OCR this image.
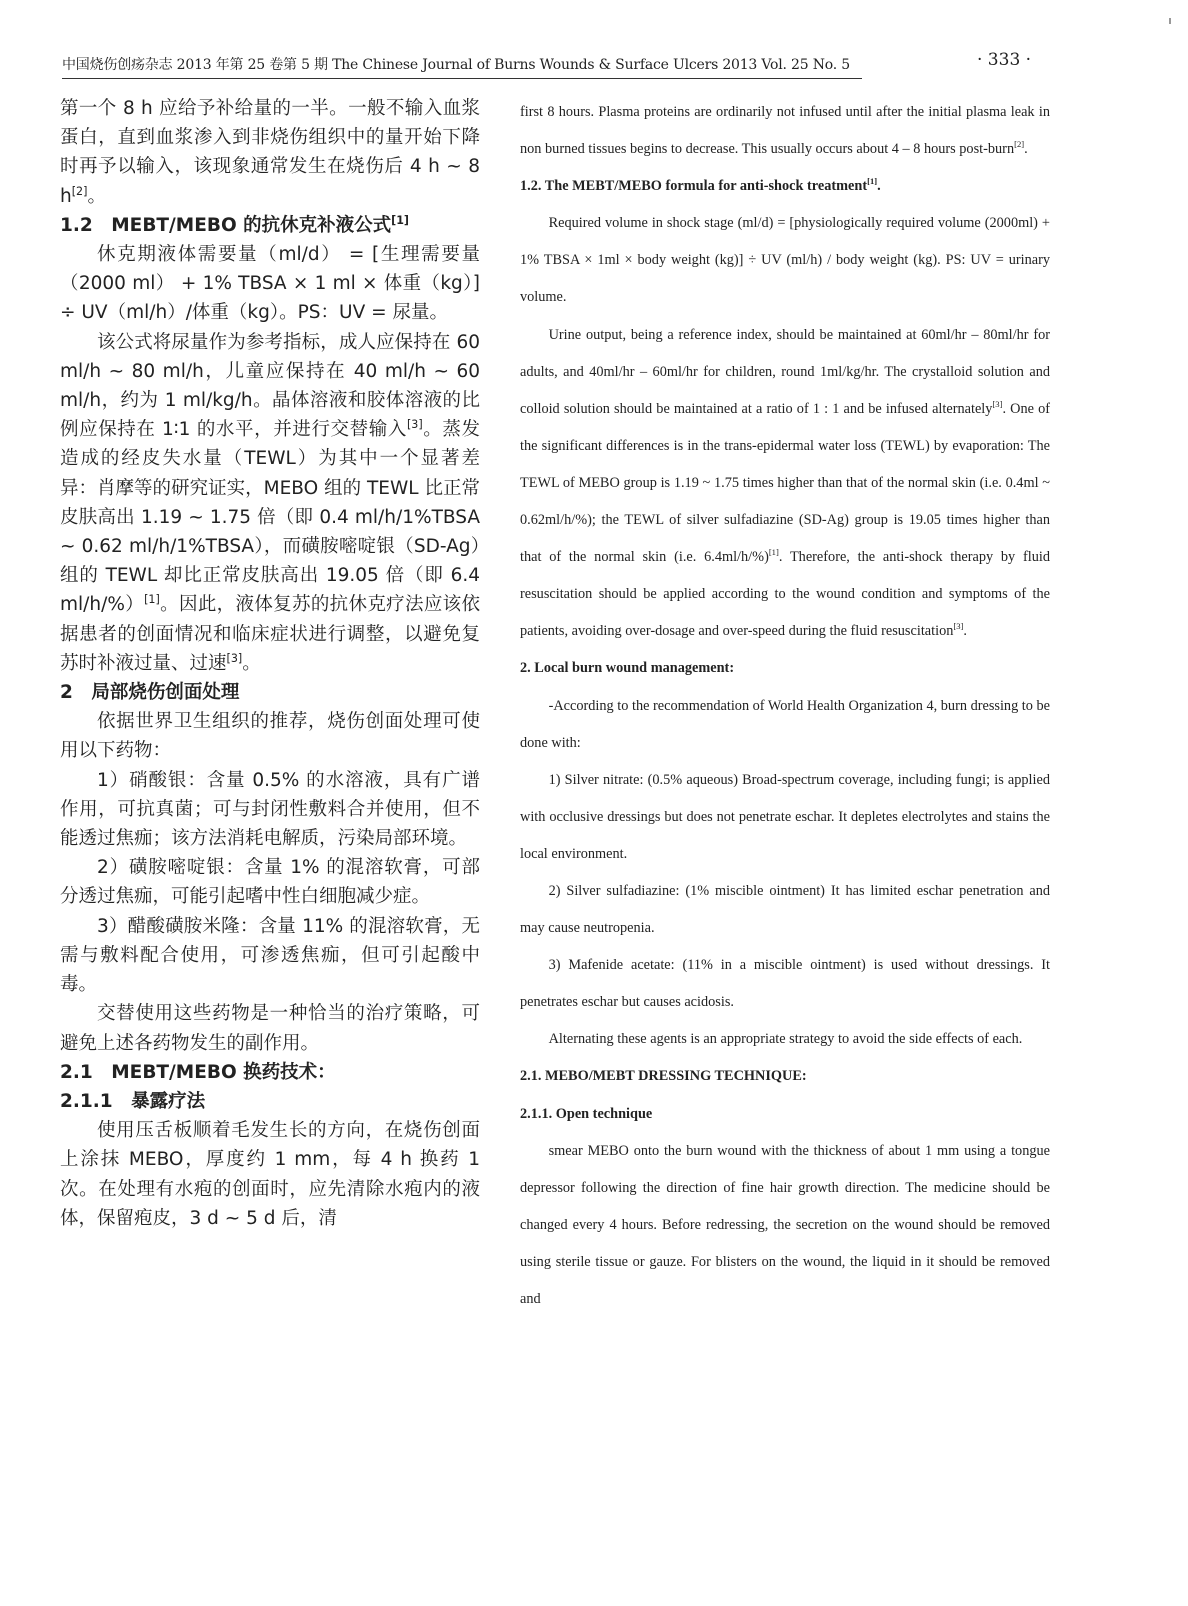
中国烧伤创疡杂志 2013 年第 25 卷第 5 期 The Chinese Journal of Burns Wounds & Surface Ulcers 2013 Vol. 25 No. 5	· 333 ·

第一个 8 h 应给予补给量的一半。一般不输入血浆蛋白，直到血浆渗入到非烧伤组织中的量开始下降时再予以输入，该现象通常发生在烧伤后 4 h ~ 8 h[2]。

1.2　MEBT/MEBO 的抗休克补液公式[1]

休克期液体需要量（ml/d） = [生理需要量（2000 ml） + 1% TBSA × 1 ml × 体重（kg）] ÷ UV（ml/h）/体重（kg）。PS：UV = 尿量。

该公式将尿量作为参考指标，成人应保持在 60 ml/h ~ 80 ml/h，儿童应保持在 40 ml/h ~ 60 ml/h，约为 1 ml/kg/h。晶体溶液和胶体溶液的比例应保持在 1∶1 的水平，并进行交替输入[3]。蒸发造成的经皮失水量（TEWL）为其中一个显著差异：肖摩等的研究证实，MEBO 组的 TEWL 比正常皮肤高出 1.19 ~ 1.75 倍（即 0.4 ml/h/1%TBSA ~ 0.62 ml/h/1%TBSA），而磺胺嘧啶银（SD-Ag）组的 TEWL 却比正常皮肤高出 19.05 倍（即 6.4 ml/h/%）[1]。因此，液体复苏的抗休克疗法应该依据患者的创面情况和临床症状进行调整，以避免复苏时补液过量、过速[3]。

2　局部烧伤创面处理

依据世界卫生组织的推荐，烧伤创面处理可使用以下药物：

1）硝酸银：含量 0.5% 的水溶液，具有广谱作用，可抗真菌；可与封闭性敷料合并使用，但不能透过焦痂；该方法消耗电解质，污染局部环境。

2）磺胺嘧啶银：含量 1% 的混溶软膏，可部分透过焦痂，可能引起嗜中性白细胞减少症。

3）醋酸磺胺米隆：含量 11% 的混溶软膏，无需与敷料配合使用，可渗透焦痂，但可引起酸中毒。

交替使用这些药物是一种恰当的治疗策略，可避免上述各药物发生的副作用。

2.1　MEBT/MEBO 换药技术：

2.1.1　暴露疗法

使用压舌板顺着毛发生长的方向，在烧伤创面上涂抹 MEBO，厚度约 1 mm，每 4 h 换药 1 次。在处理有水疱的创面时，应先清除水疱内的液体，保留疱皮，3 d ~ 5 d 后，清

first 8 hours. Plasma proteins are ordinarily not infused until after the initial plasma leak in non burned tissues begins to decrease. This usually occurs about 4 – 8 hours post-burn[2].

1.2. The MEBT/MEBO formula for anti-shock treatment[1].

Required volume in shock stage (ml/d) = [physiologically required volume (2000ml) + 1% TBSA × 1ml × body weight (kg)] ÷ UV (ml/h) / body weight (kg). PS: UV = urinary volume.

Urine output, being a reference index, should be maintained at 60ml/hr – 80ml/hr for adults, and 40ml/hr – 60ml/hr for children, round 1ml/kg/hr. The crystalloid solution and colloid solution should be maintained at a ratio of 1 : 1 and be infused alternately[3]. One of the significant differences is in the trans-epidermal water loss (TEWL) by evaporation: The TEWL of MEBO group is 1.19 ~ 1.75 times higher than that of the normal skin (i.e. 0.4ml ~ 0.62ml/h/%); the TEWL of silver sulfadiazine (SD-Ag) group is 19.05 times higher than that of the normal skin (i.e. 6.4ml/h/%)[1]. Therefore, the anti-shock therapy by fluid resuscitation should be applied according to the wound condition and symptoms of the patients, avoiding over-dosage and over-speed during the fluid resuscitation[3].

2. Local burn wound management:

-According to the recommendation of World Health Organization 4, burn dressing to be done with:

1) Silver nitrate: (0.5% aqueous) Broad-spectrum coverage, including fungi; is applied with occlusive dressings but does not penetrate eschar. It depletes electrolytes and stains the local environment.

2) Silver sulfadiazine: (1% miscible ointment) It has limited eschar penetration and may cause neutropenia.

3) Mafenide acetate: (11% in a miscible ointment) is used without dressings. It penetrates eschar but causes acidosis.

Alternating these agents is an appropriate strategy to avoid the side effects of each.

2.1. MEBO/MEBT DRESSING TECHNIQUE:

2.1.1. Open technique

smear MEBO onto the burn wound with the thickness of about 1 mm using a tongue depressor following the direction of fine hair growth direction. The medicine should be changed every 4 hours. Before redressing, the secretion on the wound should be removed using sterile tissue or gauze. For blisters on the wound, the liquid in it should be removed and
